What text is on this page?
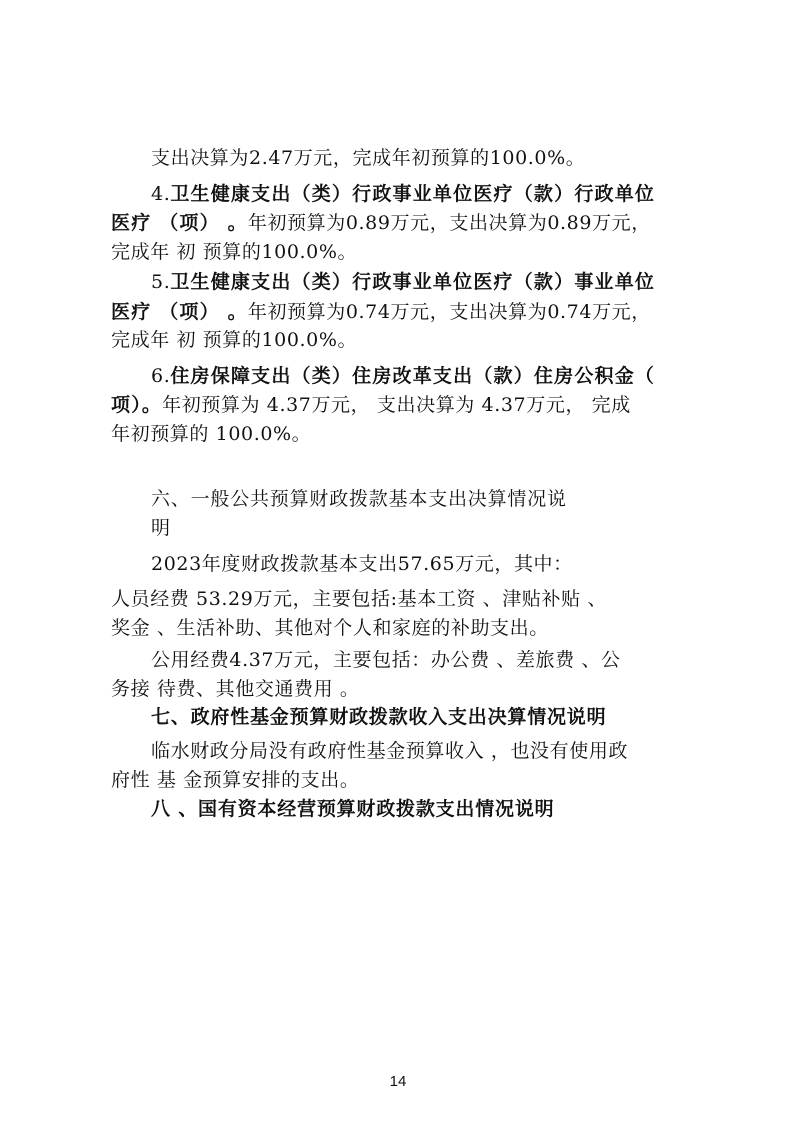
支出决算为2.47万元，完成年初预算的100.0%。
4.卫生健康支出（类）行政事业单位医疗（款）行政单位
医疗 （项） 。年初预算为0.89万元，支出决算为0.89万元，
完成年 初 预算的100.0%。
5.卫生健康支出（类）行政事业单位医疗（款）事业单位
医疗 （项） 。年初预算为0.74万元，支出决算为0.74万元，
完成年 初 预算的100.0%。
6.住房保障支出（类）住房改革支出（款）住房公积金（
项）。年初预算为 4.37万元， 支出决算为 4.37万元， 完成
年初预算的 100.0%。
六、一般公共预算财政拨款基本支出决算情况说
明
2023年度财政拨款基本支出57.65万元，其中：
人员经费 53.29万元，主要包括:基本工资 、津贴补贴 、
奖金 、生活补助、其他对个人和家庭的补助支出。
公用经费4.37万元，主要包括：办公费 、差旅费 、公
务接 待费、其他交通费用 。
七、政府性基金预算财政拨款收入支出决算情况说明
临水财政分局没有政府性基金预算收入 ，也没有使用政
府性 基 金预算安排的支出。
八 、国有资本经营预算财政拨款支出情况说明
14
